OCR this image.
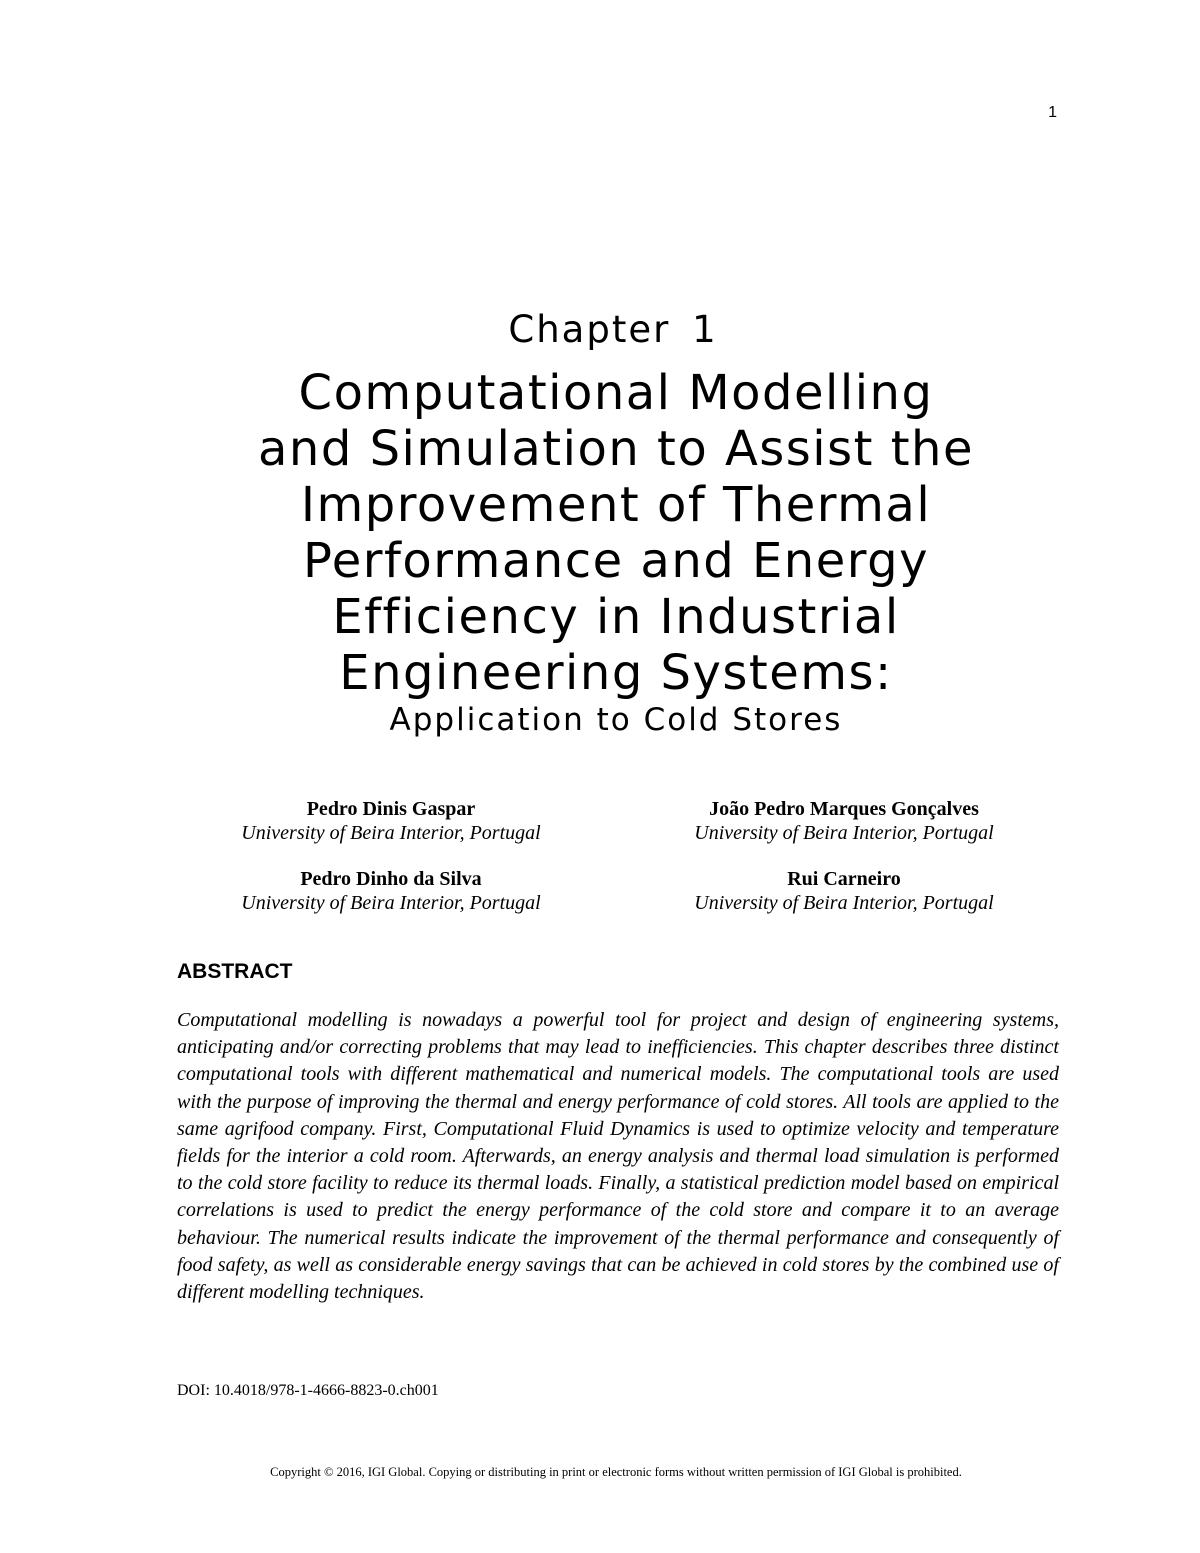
1
Chapter 1
Computational Modelling
and Simulation to Assist the
Improvement of Thermal
Performance and Energy
Efficiency in Industrial
Engineering Systems:
Application to Cold Stores
Pedro Dinis Gaspar
University of Beira Interior, Portugal
João Pedro Marques Gonçalves
University of Beira Interior, Portugal
Pedro Dinho da Silva
University of Beira Interior, Portugal
Rui Carneiro
University of Beira Interior, Portugal
ABSTRACT
Computational modelling is nowadays a powerful tool for project and design of engineering systems, anticipating and/or correcting problems that may lead to inefficiencies. This chapter describes three distinct computational tools with different mathematical and numerical models. The computational tools are used with the purpose of improving the thermal and energy performance of cold stores. All tools are applied to the same agrifood company. First, Computational Fluid Dynamics is used to optimize velocity and temperature fields for the interior a cold room. Afterwards, an energy analysis and thermal load simulation is performed to the cold store facility to reduce its thermal loads. Finally, a statistical prediction model based on empirical correlations is used to predict the energy performance of the cold store and compare it to an average behaviour. The numerical results indicate the improvement of the thermal performance and consequently of food safety, as well as considerable energy savings that can be achieved in cold stores by the combined use of different modelling techniques.
DOI: 10.4018/978-1-4666-8823-0.ch001
Copyright © 2016, IGI Global. Copying or distributing in print or electronic forms without written permission of IGI Global is prohibited.
